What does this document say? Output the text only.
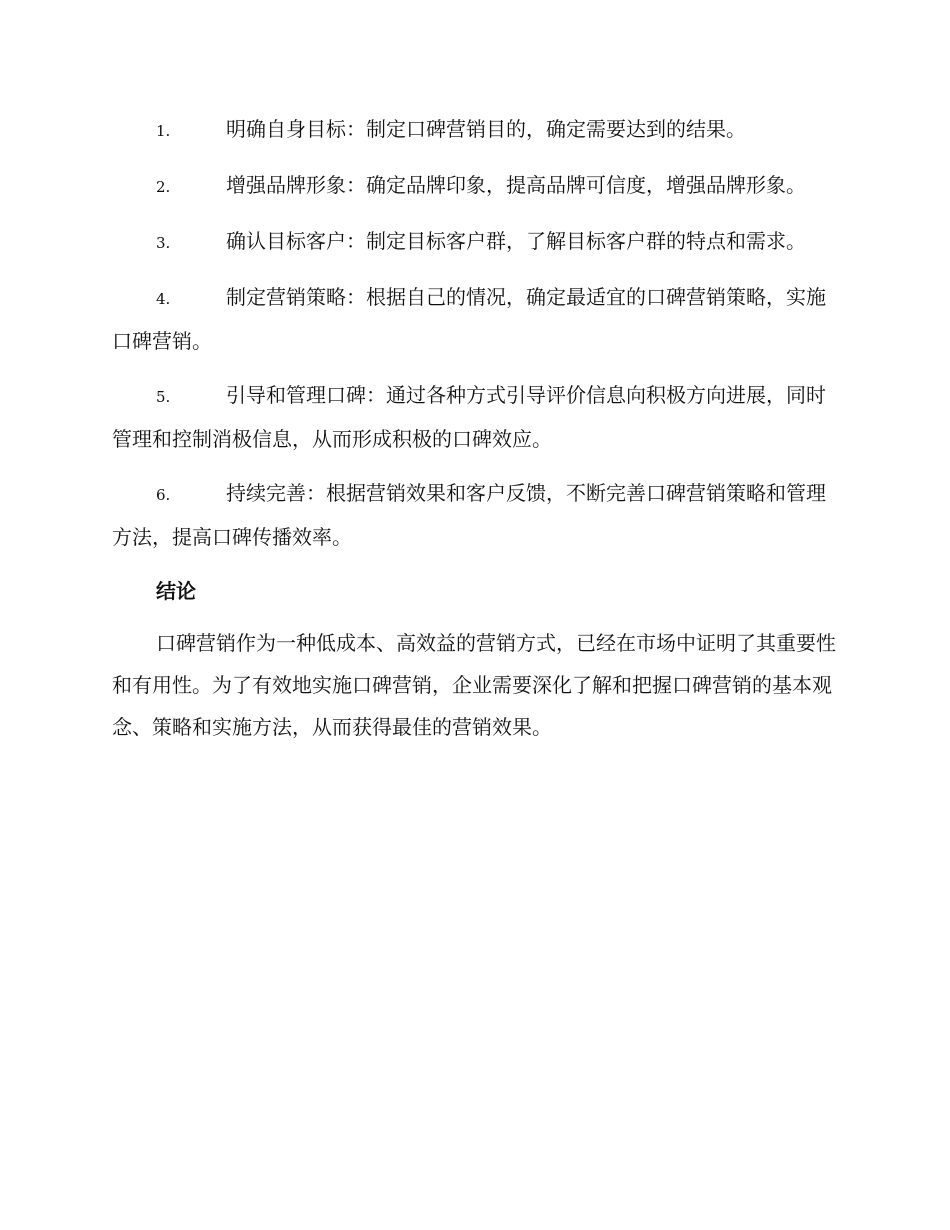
1.	明确自身目标：制定口碑营销目的，确定需要达到的结果。

2.	增强品牌形象：确定品牌印象，提高品牌可信度，增强品牌形象。

3.	确认目标客户：制定目标客户群，了解目标客户群的特点和需求。

4.	制定营销策略：根据自己的情况，确定最适宜的口碑营销策略，实施口碑营销。

5.	引导和管理口碑：通过各种方式引导评价信息向积极方向进展，同时管理和控制消极信息，从而形成积极的口碑效应。

6.	持续完善：根据营销效果和客户反馈，不断完善口碑营销策略和管理方法，提高口碑传播效率。

结论

口碑营销作为一种低成本、高效益的营销方式，已经在市场中证明了其重要性和有用性。为了有效地实施口碑营销，企业需要深化了解和把握口碑营销的基本观念、策略和实施方法，从而获得最佳的营销效果。
